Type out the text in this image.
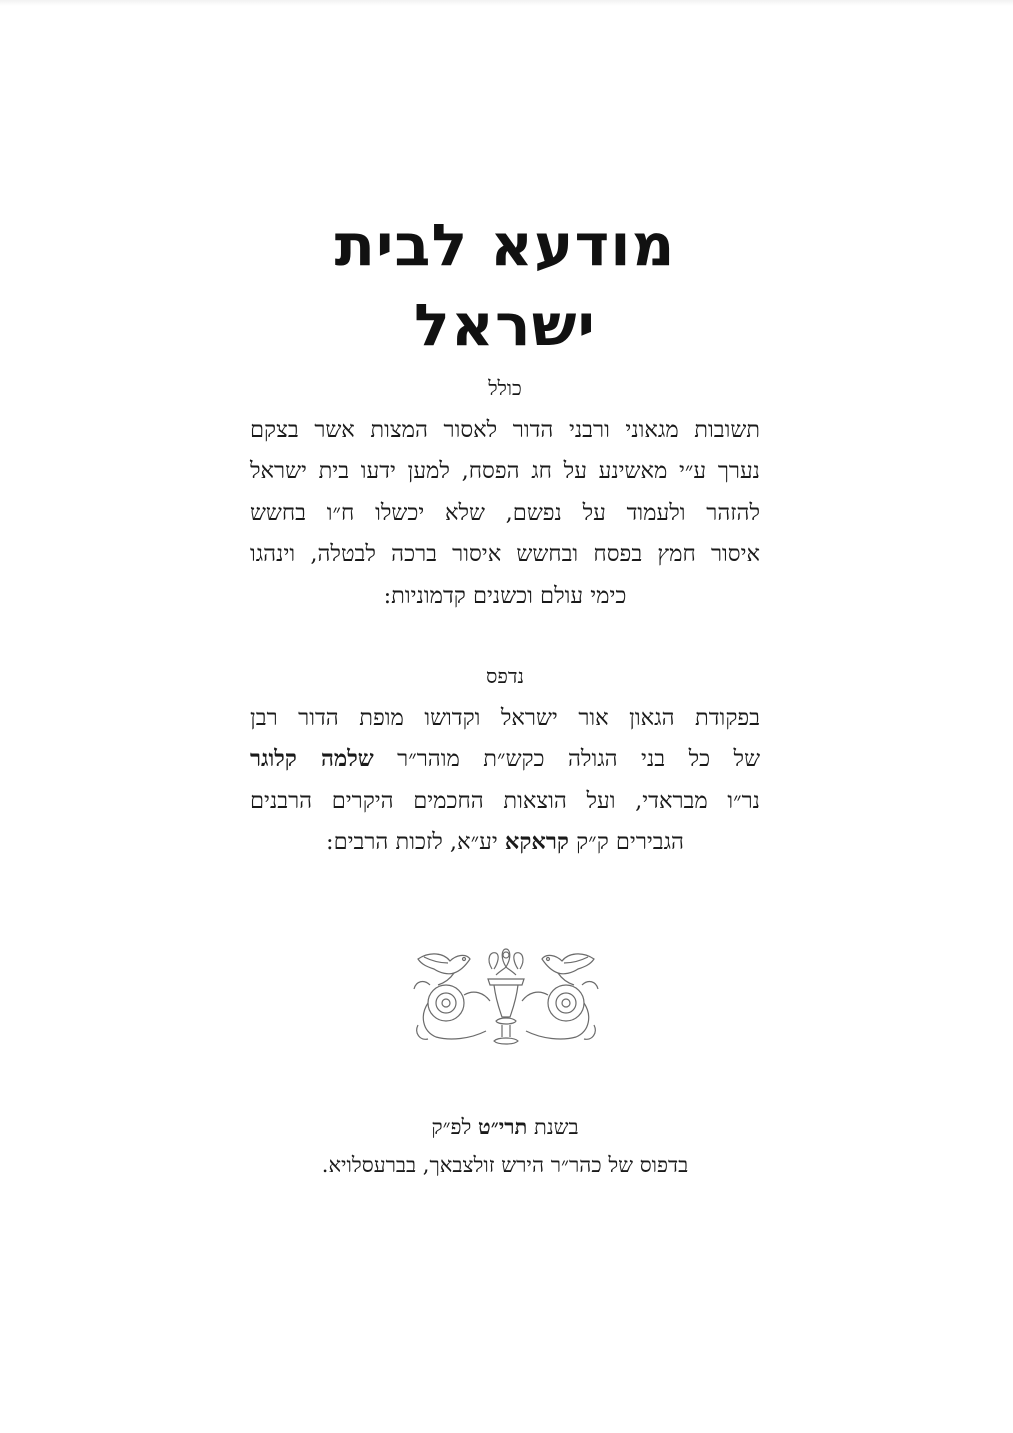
מודעא לבית ישראל
כולל
תשובות מגאוני ורבני הדור לאסור המצות אשר בצקם
נערך ע״י מאשינע על חג הפסח, למען ידעו בית ישראל
להזהר ולעמוד על נפשם, שלא יכשלו ח״ו בחשש
איסור חמץ בפסח ובחשש איסור ברכה לבטלה, וינהגו
כימי עולם וכשנים קדמוניות:
נדפס
בפקודת הגאון אור ישראל וקדושו מופת הדור רבן
של כל בני הגולה כקש״ת מוהר״ר שלמה קלוגר
נר״ו מבראדי, ועל הוצאות החכמים היקרים הרבנים
הגבירים ק״ק קראקא יע״א, לזכות הרבים:
בשנת תרי״ט לפ״ק
בדפוס של כהר״ר הירש זולצבאך, בברעסלויא.
